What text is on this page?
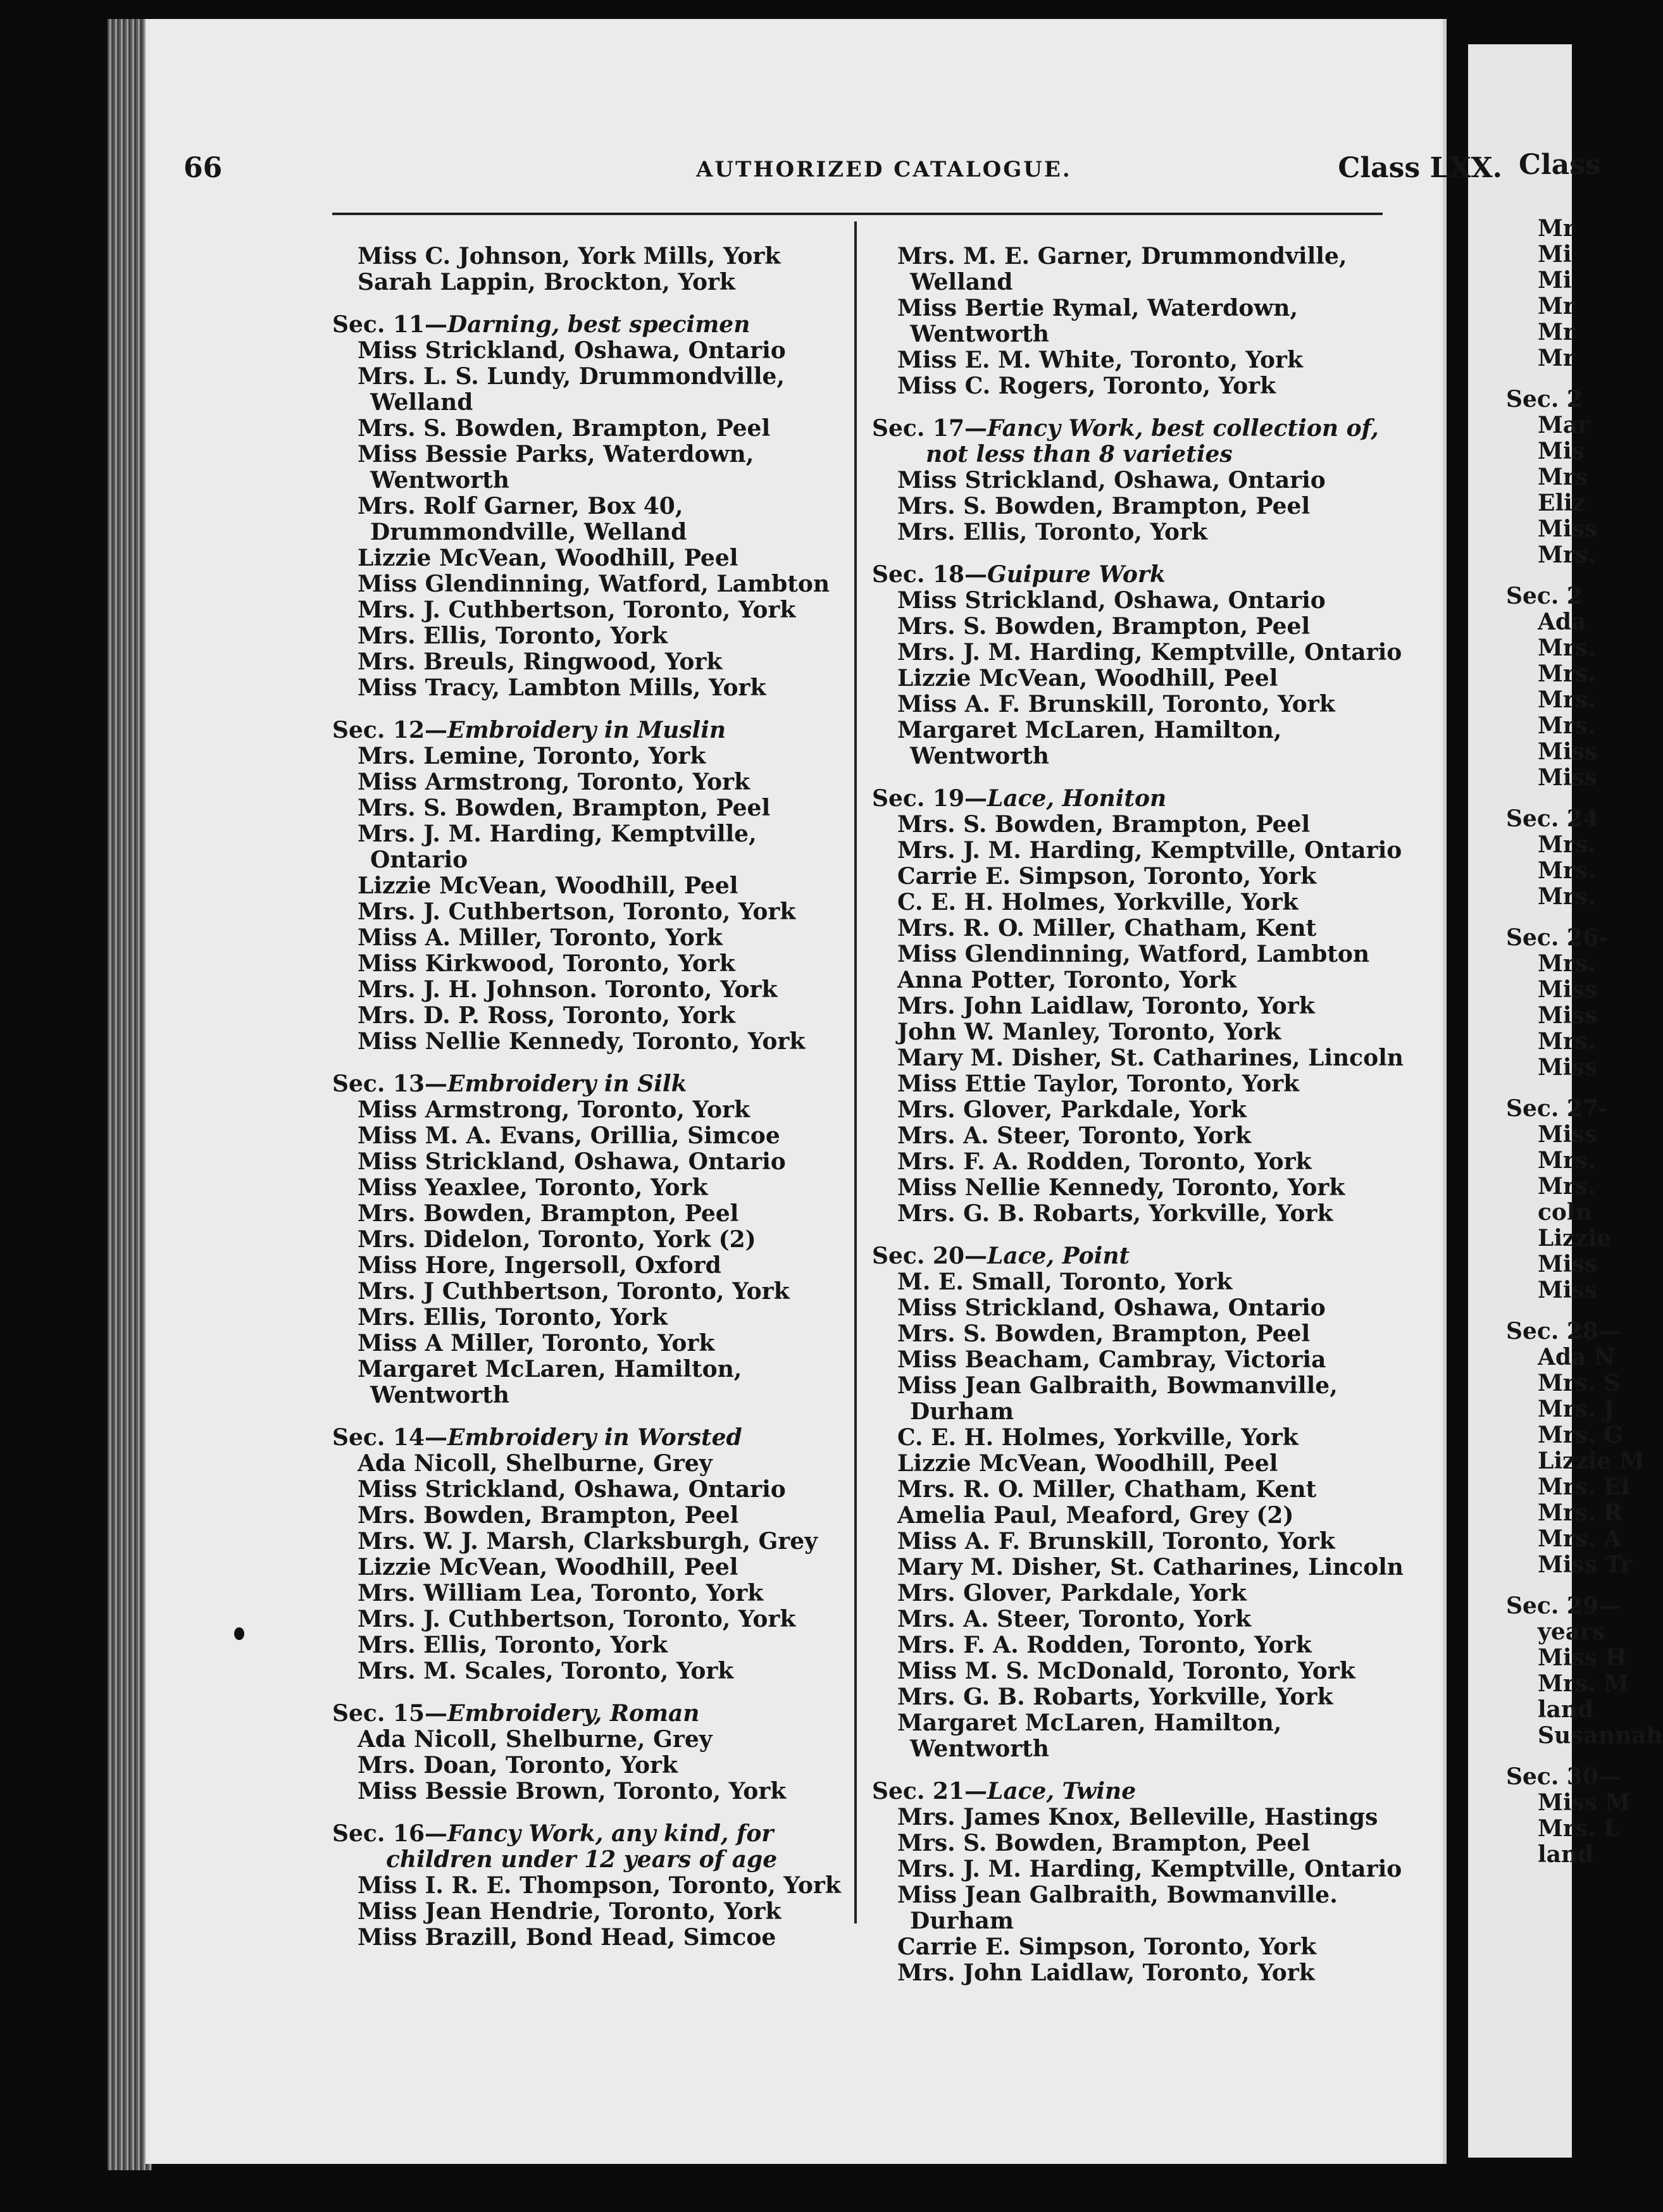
Class
Mr
Mi
Mi
Mr
Mr
Mr
Sec. 2
Mar
Mis
Mrs
Eliz
Miss
Mrs.
Sec. 2
Ada
Mrs.
Mrs.
Mrs.
Mrs.
Miss
Miss
Sec. 24
Mrs.
Mrs.
Mrs.
Sec. 26-
Mrs.
Miss
Miss
Mrs.
Miss
Sec. 27-
Miss
Mrs.
Mrs.
coln
Lizzie
Miss
Miss
Sec. 28—
Ada N
Mrs. S
Mrs. J
Mrs. G
Lizzie M
Mrs. El
Mrs. R
Mrs. A
Miss Tr
Sec. 29—
years
Miss H
Mrs. M
land
Susannah
Sec. 30—
Miss M
Mrs. L
land
66	AUTHORIZED CATALOGUE.	Class LXX.
Miss C. Johnson, York Mills, York
Sarah Lappin, Brockton, York
Sec. 11—Darning, best specimen
Miss Strickland, Oshawa, Ontario
Mrs. L. S. Lundy, Drummondville, Welland
Mrs. S. Bowden, Brampton, Peel
Miss Bessie Parks, Waterdown, Wentworth
Mrs. Rolf Garner, Box 40, Drummondville, Welland
Lizzie McVean, Woodhill, Peel
Miss Glendinning, Watford, Lambton
Mrs. J. Cuthbertson, Toronto, York
Mrs. Ellis, Toronto, York
Mrs. Breuls, Ringwood, York
Miss Tracy, Lambton Mills, York
Sec. 12—Embroidery in Muslin
Mrs. Lemine, Toronto, York
Miss Armstrong, Toronto, York
Mrs. S. Bowden, Brampton, Peel
Mrs. J. M. Harding, Kemptville, Ontario
Lizzie McVean, Woodhill, Peel
Mrs. J. Cuthbertson, Toronto, York
Miss A. Miller, Toronto, York
Miss Kirkwood, Toronto, York
Mrs. J. H. Johnson. Toronto, York
Mrs. D. P. Ross, Toronto, York
Miss Nellie Kennedy, Toronto, York
Sec. 13—Embroidery in Silk
Miss Armstrong, Toronto, York
Miss M. A. Evans, Orillia, Simcoe
Miss Strickland, Oshawa, Ontario
Miss Yeaxlee, Toronto, York
Mrs. Bowden, Brampton, Peel
Mrs. Didelon, Toronto, York (2)
Miss Hore, Ingersoll, Oxford
Mrs. J Cuthbertson, Toronto, York
Mrs. Ellis, Toronto, York
Miss A Miller, Toronto, York
Margaret McLaren, Hamilton, Wentworth
Sec. 14—Embroidery in Worsted
Ada Nicoll, Shelburne, Grey
Miss Strickland, Oshawa, Ontario
Mrs. Bowden, Brampton, Peel
Mrs. W. J. Marsh, Clarksburgh, Grey
Lizzie McVean, Woodhill, Peel
Mrs. William Lea, Toronto, York
Mrs. J. Cuthbertson, Toronto, York
Mrs. Ellis, Toronto, York
Mrs. M. Scales, Toronto, York
Sec. 15—Embroidery, Roman
Ada Nicoll, Shelburne, Grey
Mrs. Doan, Toronto, York
Miss Bessie Brown, Toronto, York
Sec. 16—Fancy Work, any kind, for children under 12 years of age
Miss I. R. E. Thompson, Toronto, York
Miss Jean Hendrie, Toronto, York
Miss Brazill, Bond Head, Simcoe
Mrs. M. E. Garner, Drummondville, Welland
Miss Bertie Rymal, Waterdown, Wentworth
Miss E. M. White, Toronto, York
Miss C. Rogers, Toronto, York
Sec. 17—Fancy Work, best collection of, not less than 8 varieties
Miss Strickland, Oshawa, Ontario
Mrs. S. Bowden, Brampton, Peel
Mrs. Ellis, Toronto, York
Sec. 18—Guipure Work
Miss Strickland, Oshawa, Ontario
Mrs. S. Bowden, Brampton, Peel
Mrs. J. M. Harding, Kemptville, Ontario
Lizzie McVean, Woodhill, Peel
Miss A. F. Brunskill, Toronto, York
Margaret McLaren, Hamilton, Wentworth
Sec. 19—Lace, Honiton
Mrs. S. Bowden, Brampton, Peel
Mrs. J. M. Harding, Kemptville, Ontario
Carrie E. Simpson, Toronto, York
C. E. H. Holmes, Yorkville, York
Mrs. R. O. Miller, Chatham, Kent
Miss Glendinning, Watford, Lambton
Anna Potter, Toronto, York
Mrs. John Laidlaw, Toronto, York
John W. Manley, Toronto, York
Mary M. Disher, St. Catharines, Lincoln
Miss Ettie Taylor, Toronto, York
Mrs. Glover, Parkdale, York
Mrs. A. Steer, Toronto, York
Mrs. F. A. Rodden, Toronto, York
Miss Nellie Kennedy, Toronto, York
Mrs. G. B. Robarts, Yorkville, York
Sec. 20—Lace, Point
M. E. Small, Toronto, York
Miss Strickland, Oshawa, Ontario
Mrs. S. Bowden, Brampton, Peel
Miss Beacham, Cambray, Victoria
Miss Jean Galbraith, Bowmanville, Durham
C. E. H. Holmes, Yorkville, York
Lizzie McVean, Woodhill, Peel
Mrs. R. O. Miller, Chatham, Kent
Amelia Paul, Meaford, Grey (2)
Miss A. F. Brunskill, Toronto, York
Mary M. Disher, St. Catharines, Lincoln
Mrs. Glover, Parkdale, York
Mrs. A. Steer, Toronto, York
Mrs. F. A. Rodden, Toronto, York
Miss M. S. McDonald, Toronto, York
Mrs. G. B. Robarts, Yorkville, York
Margaret McLaren, Hamilton, Wentworth
Sec. 21—Lace, Twine
Mrs. James Knox, Belleville, Hastings
Mrs. S. Bowden, Brampton, Peel
Mrs. J. M. Harding, Kemptville, Ontario
Miss Jean Galbraith, Bowmanville. Durham
Carrie E. Simpson, Toronto, York
Mrs. John Laidlaw, Toronto, York
